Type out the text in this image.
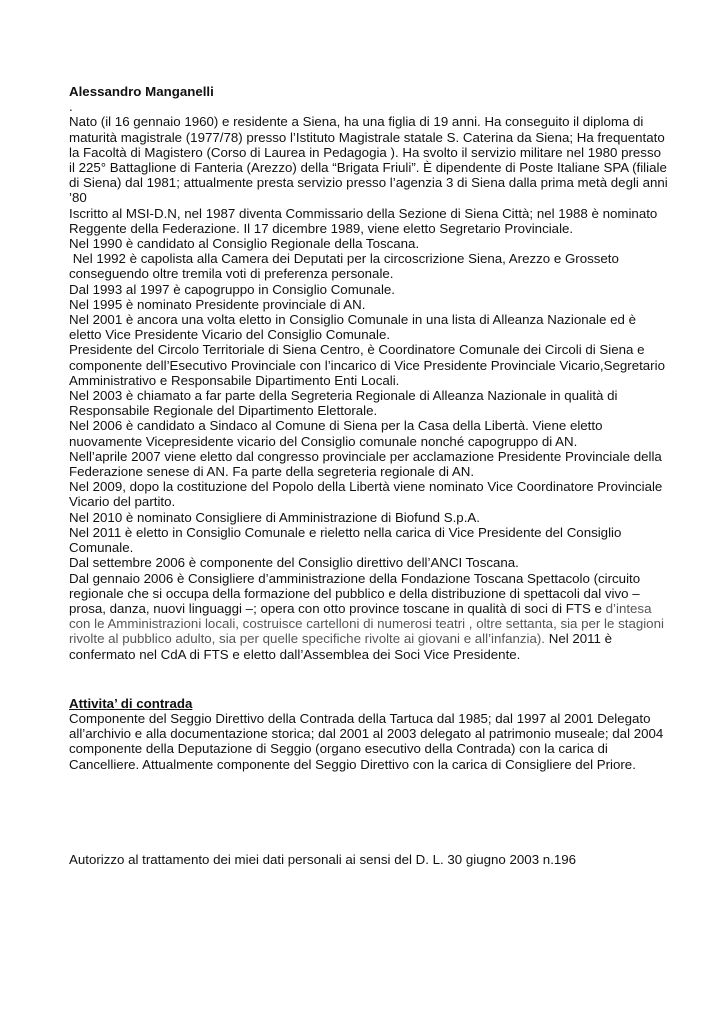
Alessandro Manganelli

.

Nato (il 16 gennaio 1960) e residente a Siena, ha una figlia di 19 anni. Ha conseguito il diploma di maturità magistrale (1977/78) presso l’Istituto Magistrale statale S. Caterina da Siena; Ha frequentato la Facoltà di Magistero (Corso di Laurea in Pedagogia ). Ha svolto il servizio militare nel 1980 presso il 225° Battaglione di Fanteria (Arezzo) della “Brigata Friuli”. È dipendente di Poste Italiane SPA (filiale di Siena) dal 1981; attualmente presta servizio presso l’agenzia 3 di Siena dalla prima metà degli anni ’80

Iscritto al MSI-D.N, nel 1987 diventa Commissario della Sezione di Siena Città; nel 1988 è nominato Reggente della Federazione. Il 17 dicembre 1989, viene eletto Segretario Provinciale.

Nel 1990 è candidato al Consiglio Regionale della Toscana.

Nel 1992 è capolista alla Camera dei Deputati per la circoscrizione Siena, Arezzo e Grosseto conseguendo oltre tremila voti di preferenza personale.

Dal 1993 al 1997 è capogruppo in Consiglio Comunale.

Nel 1995 è nominato Presidente provinciale di AN.

Nel 2001 è ancora una volta eletto in Consiglio Comunale in una lista di Alleanza Nazionale ed è eletto Vice Presidente Vicario del Consiglio Comunale.

Presidente del Circolo Territoriale di Siena Centro, è Coordinatore Comunale dei Circoli di Siena e componente dell’Esecutivo Provinciale con l’incarico di Vice Presidente Provinciale Vicario,Segretario Amministrativo e Responsabile Dipartimento Enti Locali.

Nel 2003 è chiamato a far parte della Segreteria Regionale di Alleanza Nazionale in qualità di Responsabile Regionale del Dipartimento Elettorale.

Nel 2006 è candidato a Sindaco al Comune di Siena per la Casa della Libertà. Viene eletto nuovamente Vicepresidente vicario del Consiglio comunale nonché capogruppo di AN.

Nell’aprile 2007 viene eletto dal congresso provinciale per acclamazione Presidente Provinciale della Federazione senese di AN. Fa parte della segreteria regionale di AN.

Nel 2009, dopo la costituzione del Popolo della Libertà viene nominato Vice Coordinatore Provinciale Vicario del partito.

Nel 2010 è nominato Consigliere di Amministrazione di Biofund S.p.A.

Nel 2011 è eletto in Consiglio Comunale e rieletto nella carica di Vice Presidente del Consiglio Comunale.

Dal settembre 2006 è componente del Consiglio direttivo dell’ANCI Toscana.

Dal gennaio 2006 è Consigliere d’amministrazione della Fondazione Toscana Spettacolo (circuito regionale che si occupa della formazione del pubblico e della distribuzione di spettacoli dal vivo – prosa, danza, nuovi linguaggi –; opera con otto province toscane in qualità di soci di FTS e d’intesa con le Amministrazioni locali, costruisce cartelloni di numerosi teatri , oltre settanta, sia per le stagioni rivolte al pubblico adulto, sia per quelle specifiche rivolte ai giovani e all’infanzia). Nel 2011 è confermato nel CdA di FTS e eletto dall’Assemblea dei Soci Vice Presidente.

Attivita’ di contrada

Componente del Seggio Direttivo della Contrada della Tartuca dal 1985; dal 1997 al 2001 Delegato all’archivio e alla documentazione storica; dal 2001 al 2003 delegato al patrimonio museale; dal 2004 componente della Deputazione di Seggio (organo esecutivo della Contrada) con la carica di Cancelliere. Attualmente componente del Seggio Direttivo con la carica di Consigliere del Priore.

Autorizzo al trattamento dei miei dati personali ai sensi del D. L. 30 giugno 2003 n.196
